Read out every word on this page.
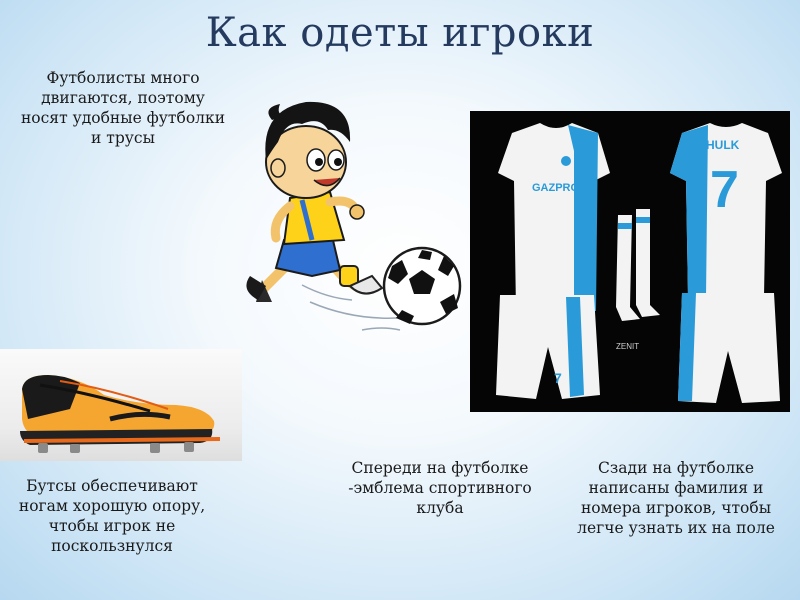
Как одеты игроки
Футболисты много двигаются, поэтому носят удобные футболки и трусы
GAZPROM
HULK
7
7
ZENIT
Бутсы обеспечивают ногам хорошую опору, чтобы игрок не поскользнулся
Спереди на футболке -эмблема спортивного клуба
Сзади на футболке написаны фамилия и номера игроков, чтобы легче узнать их на поле
